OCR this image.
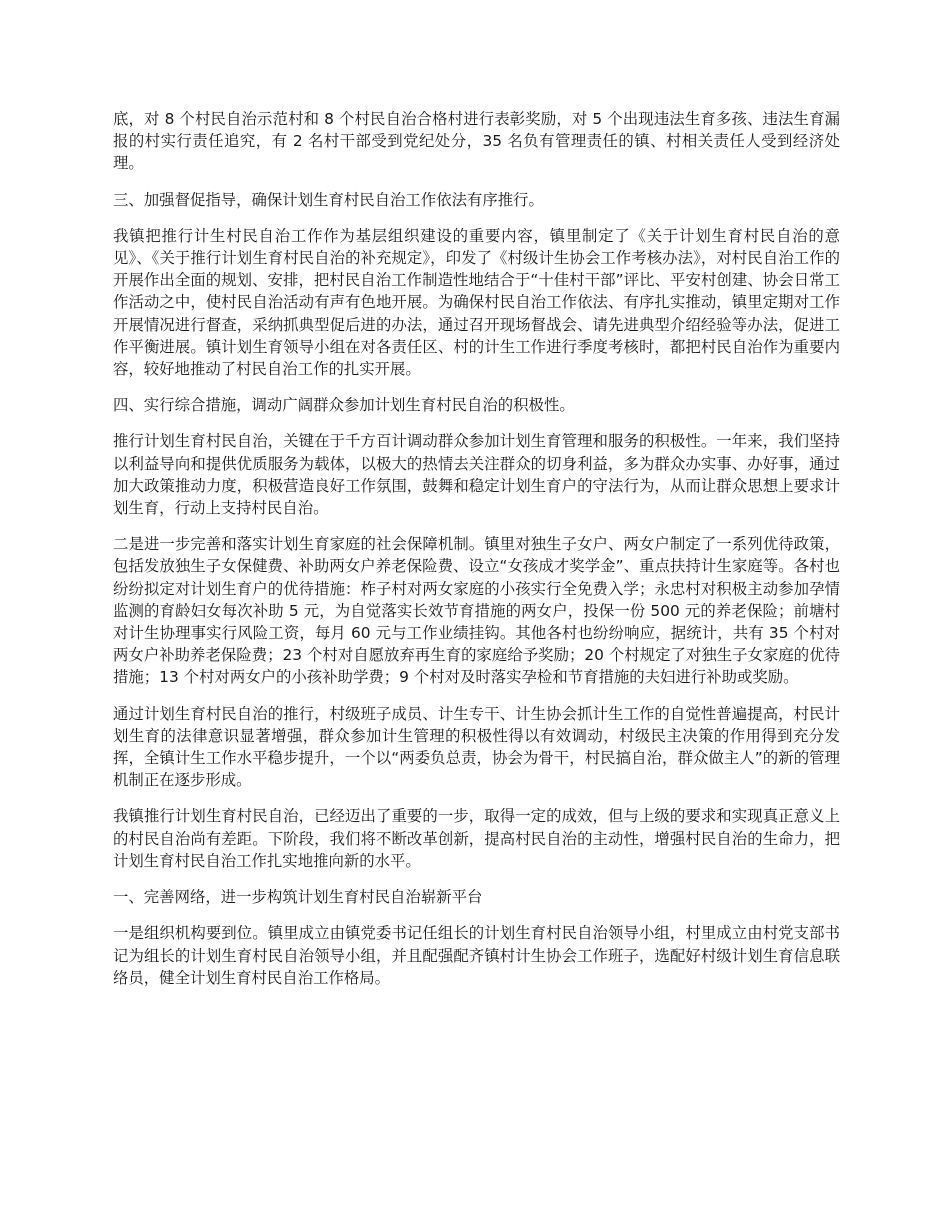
底，对 8 个村民自治示范村和 8 个村民自治合格村进行表彰奖励，对 5 个出现违法生育多孩、违法生育漏报的村实行责任追究，有 2 名村干部受到党纪处分，35 名负有管理责任的镇、村相关责任人受到经济处理。

三、加强督促指导，确保计划生育村民自治工作依法有序推行。

我镇把推行计生村民自治工作作为基层组织建设的重要内容，镇里制定了《关于计划生育村民自治的意见》、《关于推行计划生育村民自治的补充规定》，印发了《村级计生协会工作考核办法》，对村民自治工作的开展作出全面的规划、安排，把村民自治工作制造性地结合于“十佳村干部”评比、平安村创建、协会日常工作活动之中，使村民自治活动有声有色地开展。为确保村民自治工作依法、有序扎实推动，镇里定期对工作开展情况进行督查，采纳抓典型促后进的办法，通过召开现场督战会、请先进典型介绍经验等办法，促进工作平衡进展。镇计划生育领导小组在对各责任区、村的计生工作进行季度考核时，都把村民自治作为重要内容，较好地推动了村民自治工作的扎实开展。

四、实行综合措施，调动广阔群众参加计划生育村民自治的积极性。

推行计划生育村民自治，关键在于千方百计调动群众参加计划生育管理和服务的积极性。一年来，我们坚持以利益导向和提供优质服务为载体，以极大的热情去关注群众的切身利益，多为群众办实事、办好事，通过加大政策推动力度，积极营造良好工作氛围，鼓舞和稳定计划生育户的守法行为，从而让群众思想上要求计划生育，行动上支持村民自治。

二是进一步完善和落实计划生育家庭的社会保障机制。镇里对独生子女户、两女户制定了一系列优待政策，包括发放独生子女保健费、补助两女户养老保险费、设立“女孩成才奖学金”、重点扶持计生家庭等。各村也纷纷拟定对计划生育户的优待措施：柞子村对两女家庭的小孩实行全免费入学；永忠村对积极主动参加孕情监测的育龄妇女每次补助 5 元，为自觉落实长效节育措施的两女户，投保一份 500 元的养老保险；前塘村对计生协理事实行风险工资，每月 60 元与工作业绩挂钩。其他各村也纷纷响应，据统计，共有 35 个村对两女户补助养老保险费；23 个村对自愿放弃再生育的家庭给予奖励；20 个村规定了对独生子女家庭的优待措施；13 个村对两女户的小孩补助学费；9 个村对及时落实孕检和节育措施的夫妇进行补助或奖励。

通过计划生育村民自治的推行，村级班子成员、计生专干、计生协会抓计生工作的自觉性普遍提高，村民计划生育的法律意识显著增强，群众参加计生管理的积极性得以有效调动，村级民主决策的作用得到充分发挥，全镇计生工作水平稳步提升，一个以“两委负总责，协会为骨干，村民搞自治，群众做主人”的新的管理机制正在逐步形成。

我镇推行计划生育村民自治，已经迈出了重要的一步，取得一定的成效，但与上级的要求和实现真正意义上的村民自治尚有差距。下阶段，我们将不断改革创新，提高村民自治的主动性，增强村民自治的生命力，把计划生育村民自治工作扎实地推向新的水平。

一、完善网络，进一步构筑计划生育村民自治崭新平台

一是组织机构要到位。镇里成立由镇党委书记任组长的计划生育村民自治领导小组，村里成立由村党支部书记为组长的计划生育村民自治领导小组，并且配强配齐镇村计生协会工作班子，选配好村级计划生育信息联络员，健全计划生育村民自治工作格局。
